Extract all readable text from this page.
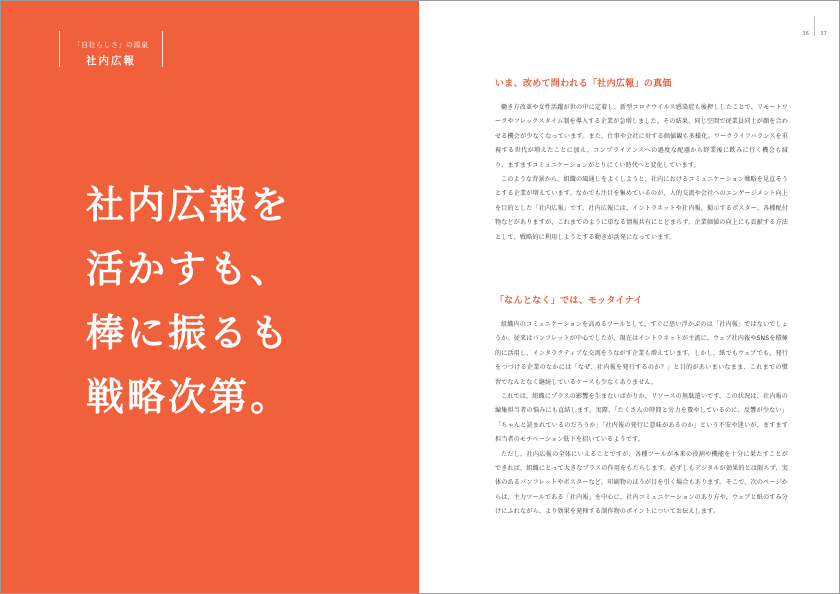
「自社らしさ」の源泉
社内広報
社内広報を
活かすも、
棒に振るも
戦略次第。
36 37
いま、改めて問われる「社内広報」の真価

働き方改革や女性活躍が世の中に定着し、新型コロナウイルス感染症も後押ししたことで、リモートワークやフレックスタイム制を導入する企業が急増しました。その結果、同じ空間で従業員同士が顔を合わせる機会が少なくなっています。また、仕事や会社に対する価値観も多様化。ワークライフバランスを重視する世代が増えたことに加え、コンプライアンスへの過度な配慮から終業後に飲みに行く機会も減り、ますますコミュニケーションがとりにくい時代へと変化しています。

このような背景から、組織の風通しをよくしようと、社内におけるコミュニケーション戦略を見直そうとする企業が増えています。なかでも注目を集めているのが、人的交流や会社へのエンゲージメント向上を目的とした「社内広報」です。社内広報には、イントラネットや社内報、掲示するポスター、各種配付物などがありますが、これまでのように単なる情報共有にとどまらず、企業価値の向上にも貢献する方法として、戦略的に利用しようとする動きが活発になっています。

「なんとなく」では、モッタイナイ

組織内のコミュニケーションを高めるツールとして、すぐに思い浮かぶのは「社内報」ではないでしょうか。従来はパンフレットが中心でしたが、現在はイントラネットが主流に。ウェブ社内報やSNSを積極的に活用し、インタラクティブな交流をうながす企業も増えています。しかし、紙でもウェブでも、発行をつづける企業のなかには「なぜ、社内報を発行するのか？」と目的があいまいなまま、これまでの慣習でなんとなく継続しているケースも少なくありません。

これでは、組織にプラスの影響を生まないばかりか、リソースの無駄遣いです。この状況は、社内報の編集担当者の悩みにも直結します。実際、「たくさんの時間と労力を費やしているのに、反響が少ない」「ちゃんと読まれているのだろうか」「社内報の発行に意味があるのか」という不安や迷いが、ますます担当者のモチベーション低下を招いているようです。

ただし、社内広報の全体にいえることですが、各種ツールが本来の役割や機能を十分に果たすことができれば、組織にとって大きなプラスの作用をもたらします。必ずしもデジタルが効果的とは限らず、実体のあるパンフレットやポスターなど、印刷物のほうが目を引く場合もあります。そこで、次のページからは、主力ツールである「社内報」を中心に、社内コミュニケーションのあり方や、ウェブと紙のすみ分けにふれながら、より効果を発揮する制作物のポイントについてお伝えします。
